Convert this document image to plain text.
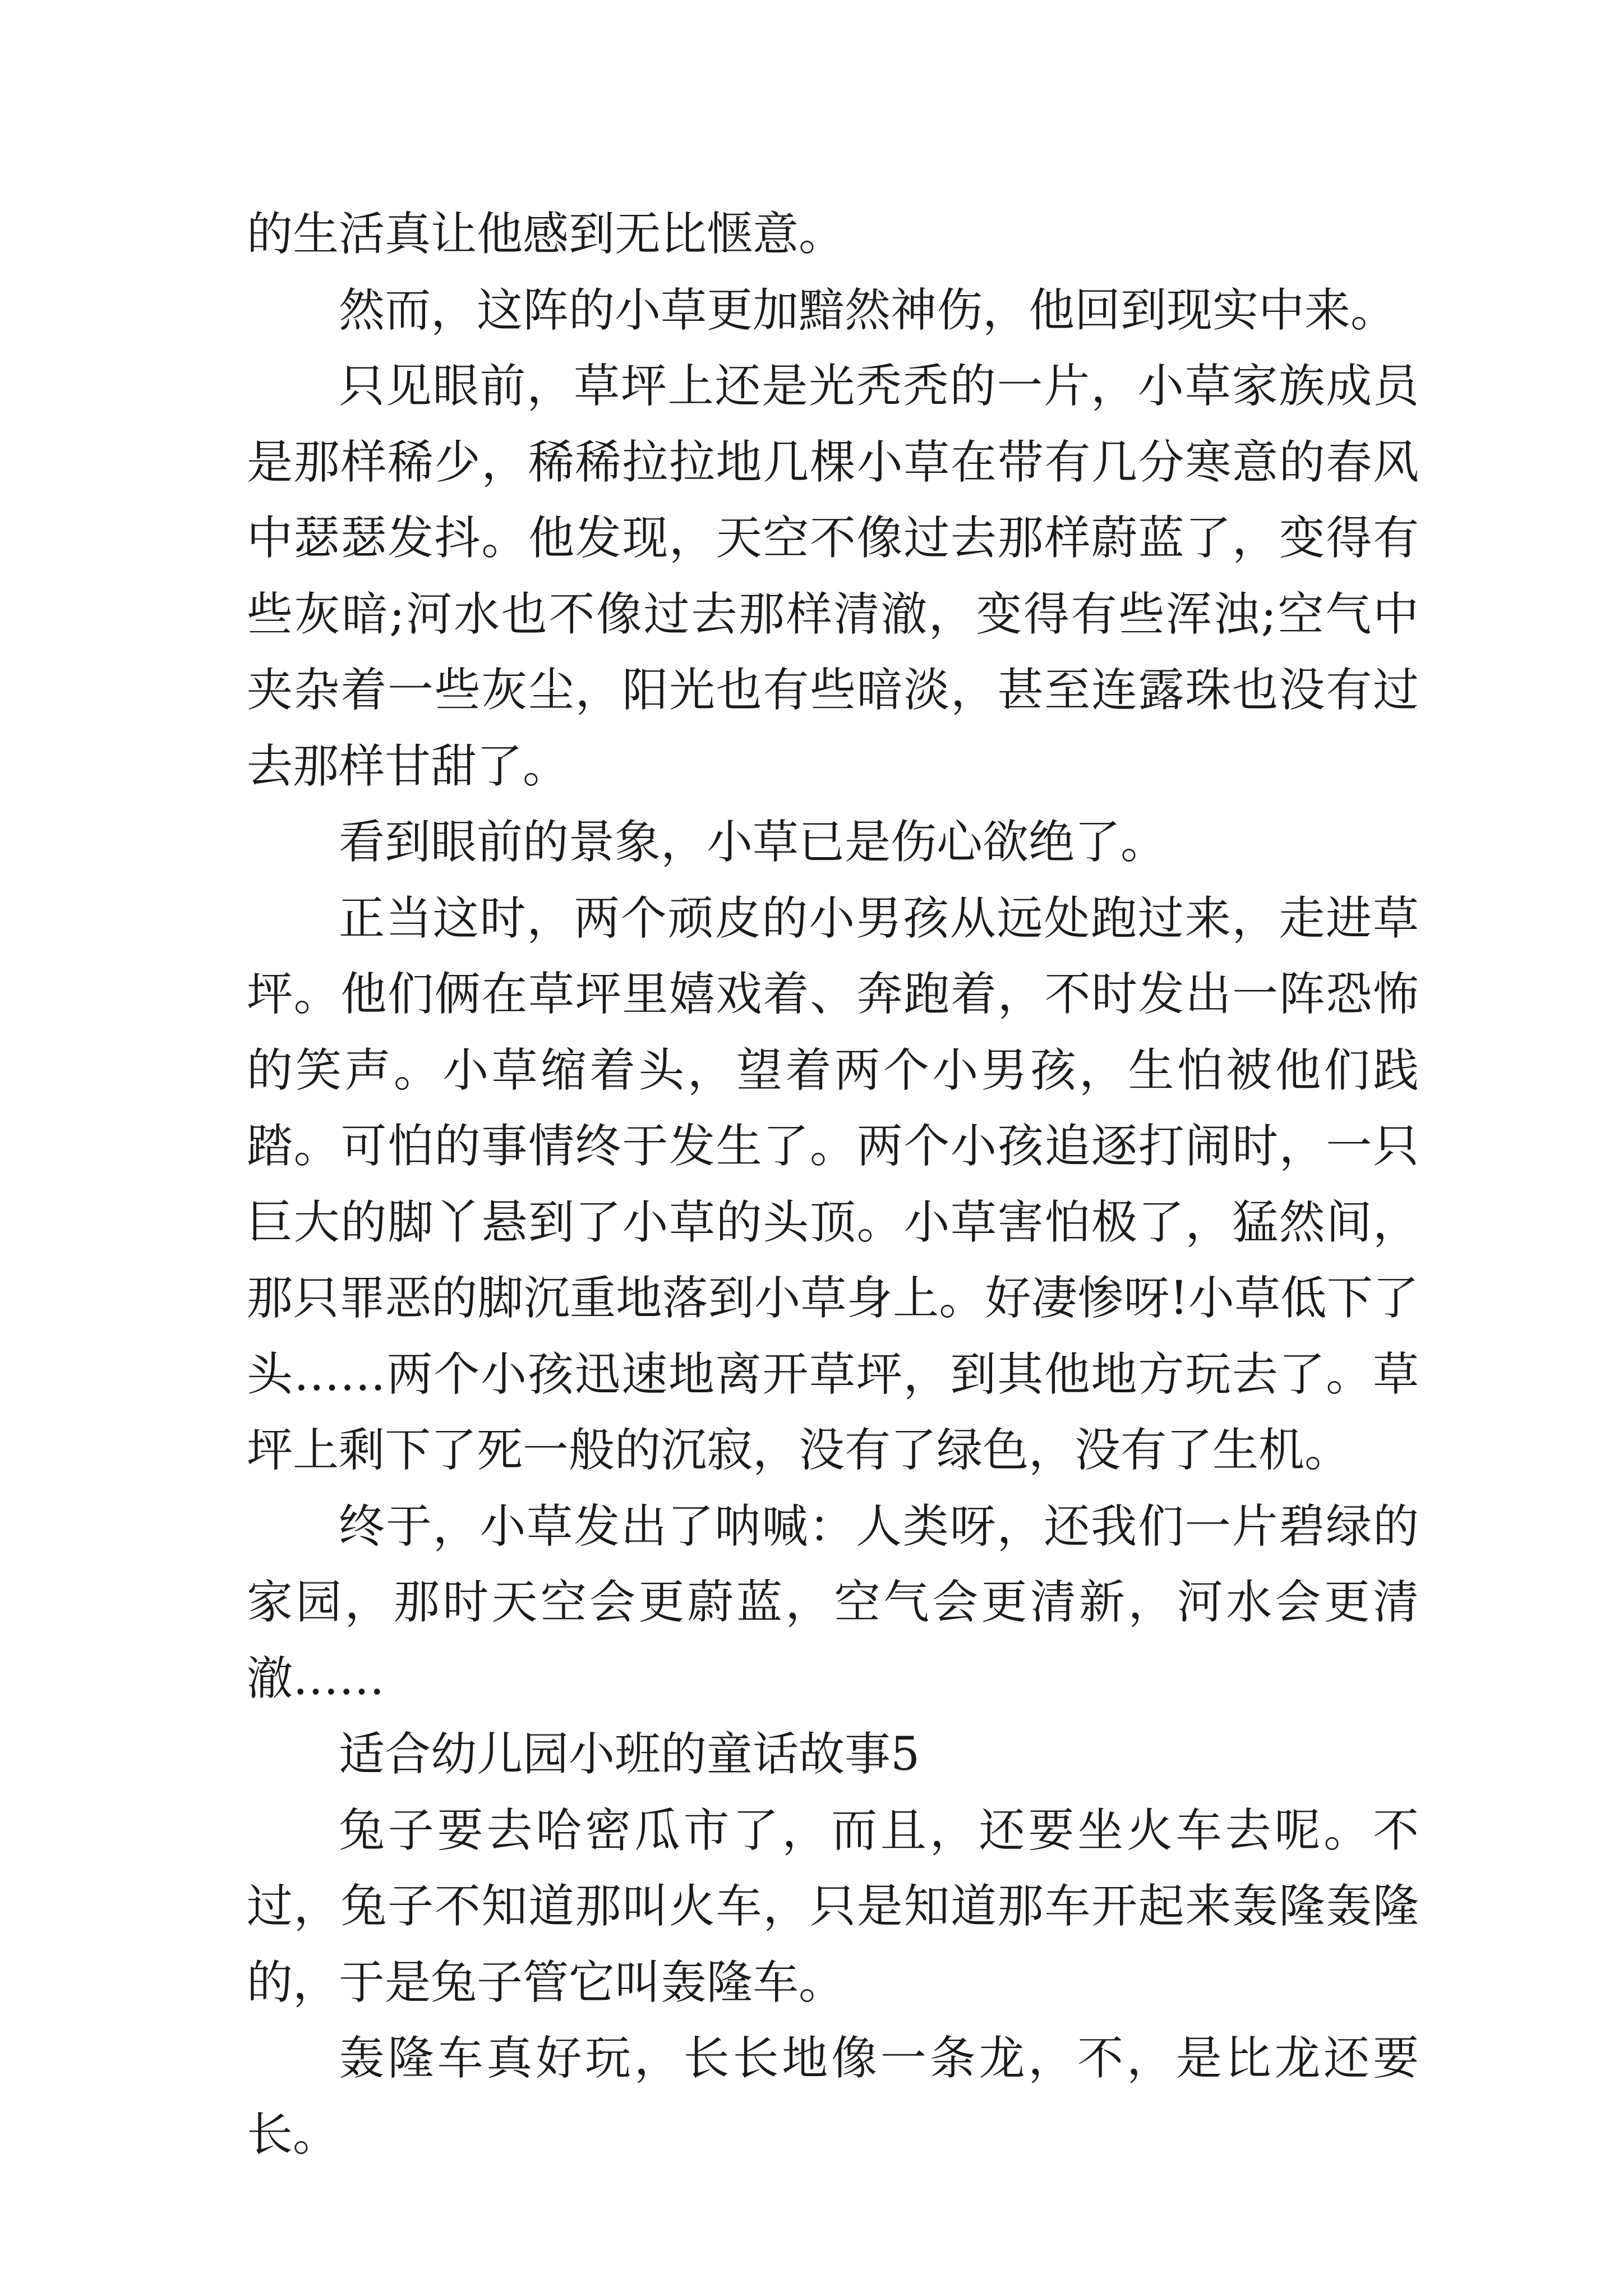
的生活真让他感到无比惬意。

然而，这阵的小草更加黯然神伤，他回到现实中来。

只见眼前，草坪上还是光秃秃的一片，小草家族成员是那样稀少，稀稀拉拉地几棵小草在带有几分寒意的春风中瑟瑟发抖。他发现，天空不像过去那样蔚蓝了，变得有些灰暗;河水也不像过去那样清澈，变得有些浑浊;空气中夹杂着一些灰尘，阳光也有些暗淡，甚至连露珠也没有过去那样甘甜了。

看到眼前的景象，小草已是伤心欲绝了。

正当这时，两个顽皮的小男孩从远处跑过来，走进草坪。他们俩在草坪里嬉戏着、奔跑着，不时发出一阵恐怖的笑声。小草缩着头，望着两个小男孩，生怕被他们践踏。可怕的事情终于发生了。两个小孩追逐打闹时，一只巨大的脚丫悬到了小草的头顶。小草害怕极了，猛然间，那只罪恶的脚沉重地落到小草身上。好凄惨呀!小草低下了头……两个小孩迅速地离开草坪，到其他地方玩去了。草坪上剩下了死一般的沉寂，没有了绿色，没有了生机。

终于，小草发出了呐喊：人类呀，还我们一片碧绿的家园，那时天空会更蔚蓝，空气会更清新，河水会更清澈……

适合幼儿园小班的童话故事5

兔子要去哈密瓜市了，而且，还要坐火车去呢。不过，兔子不知道那叫火车，只是知道那车开起来轰隆轰隆的，于是兔子管它叫轰隆车。

轰隆车真好玩，长长地像一条龙，不，是比龙还要长。
